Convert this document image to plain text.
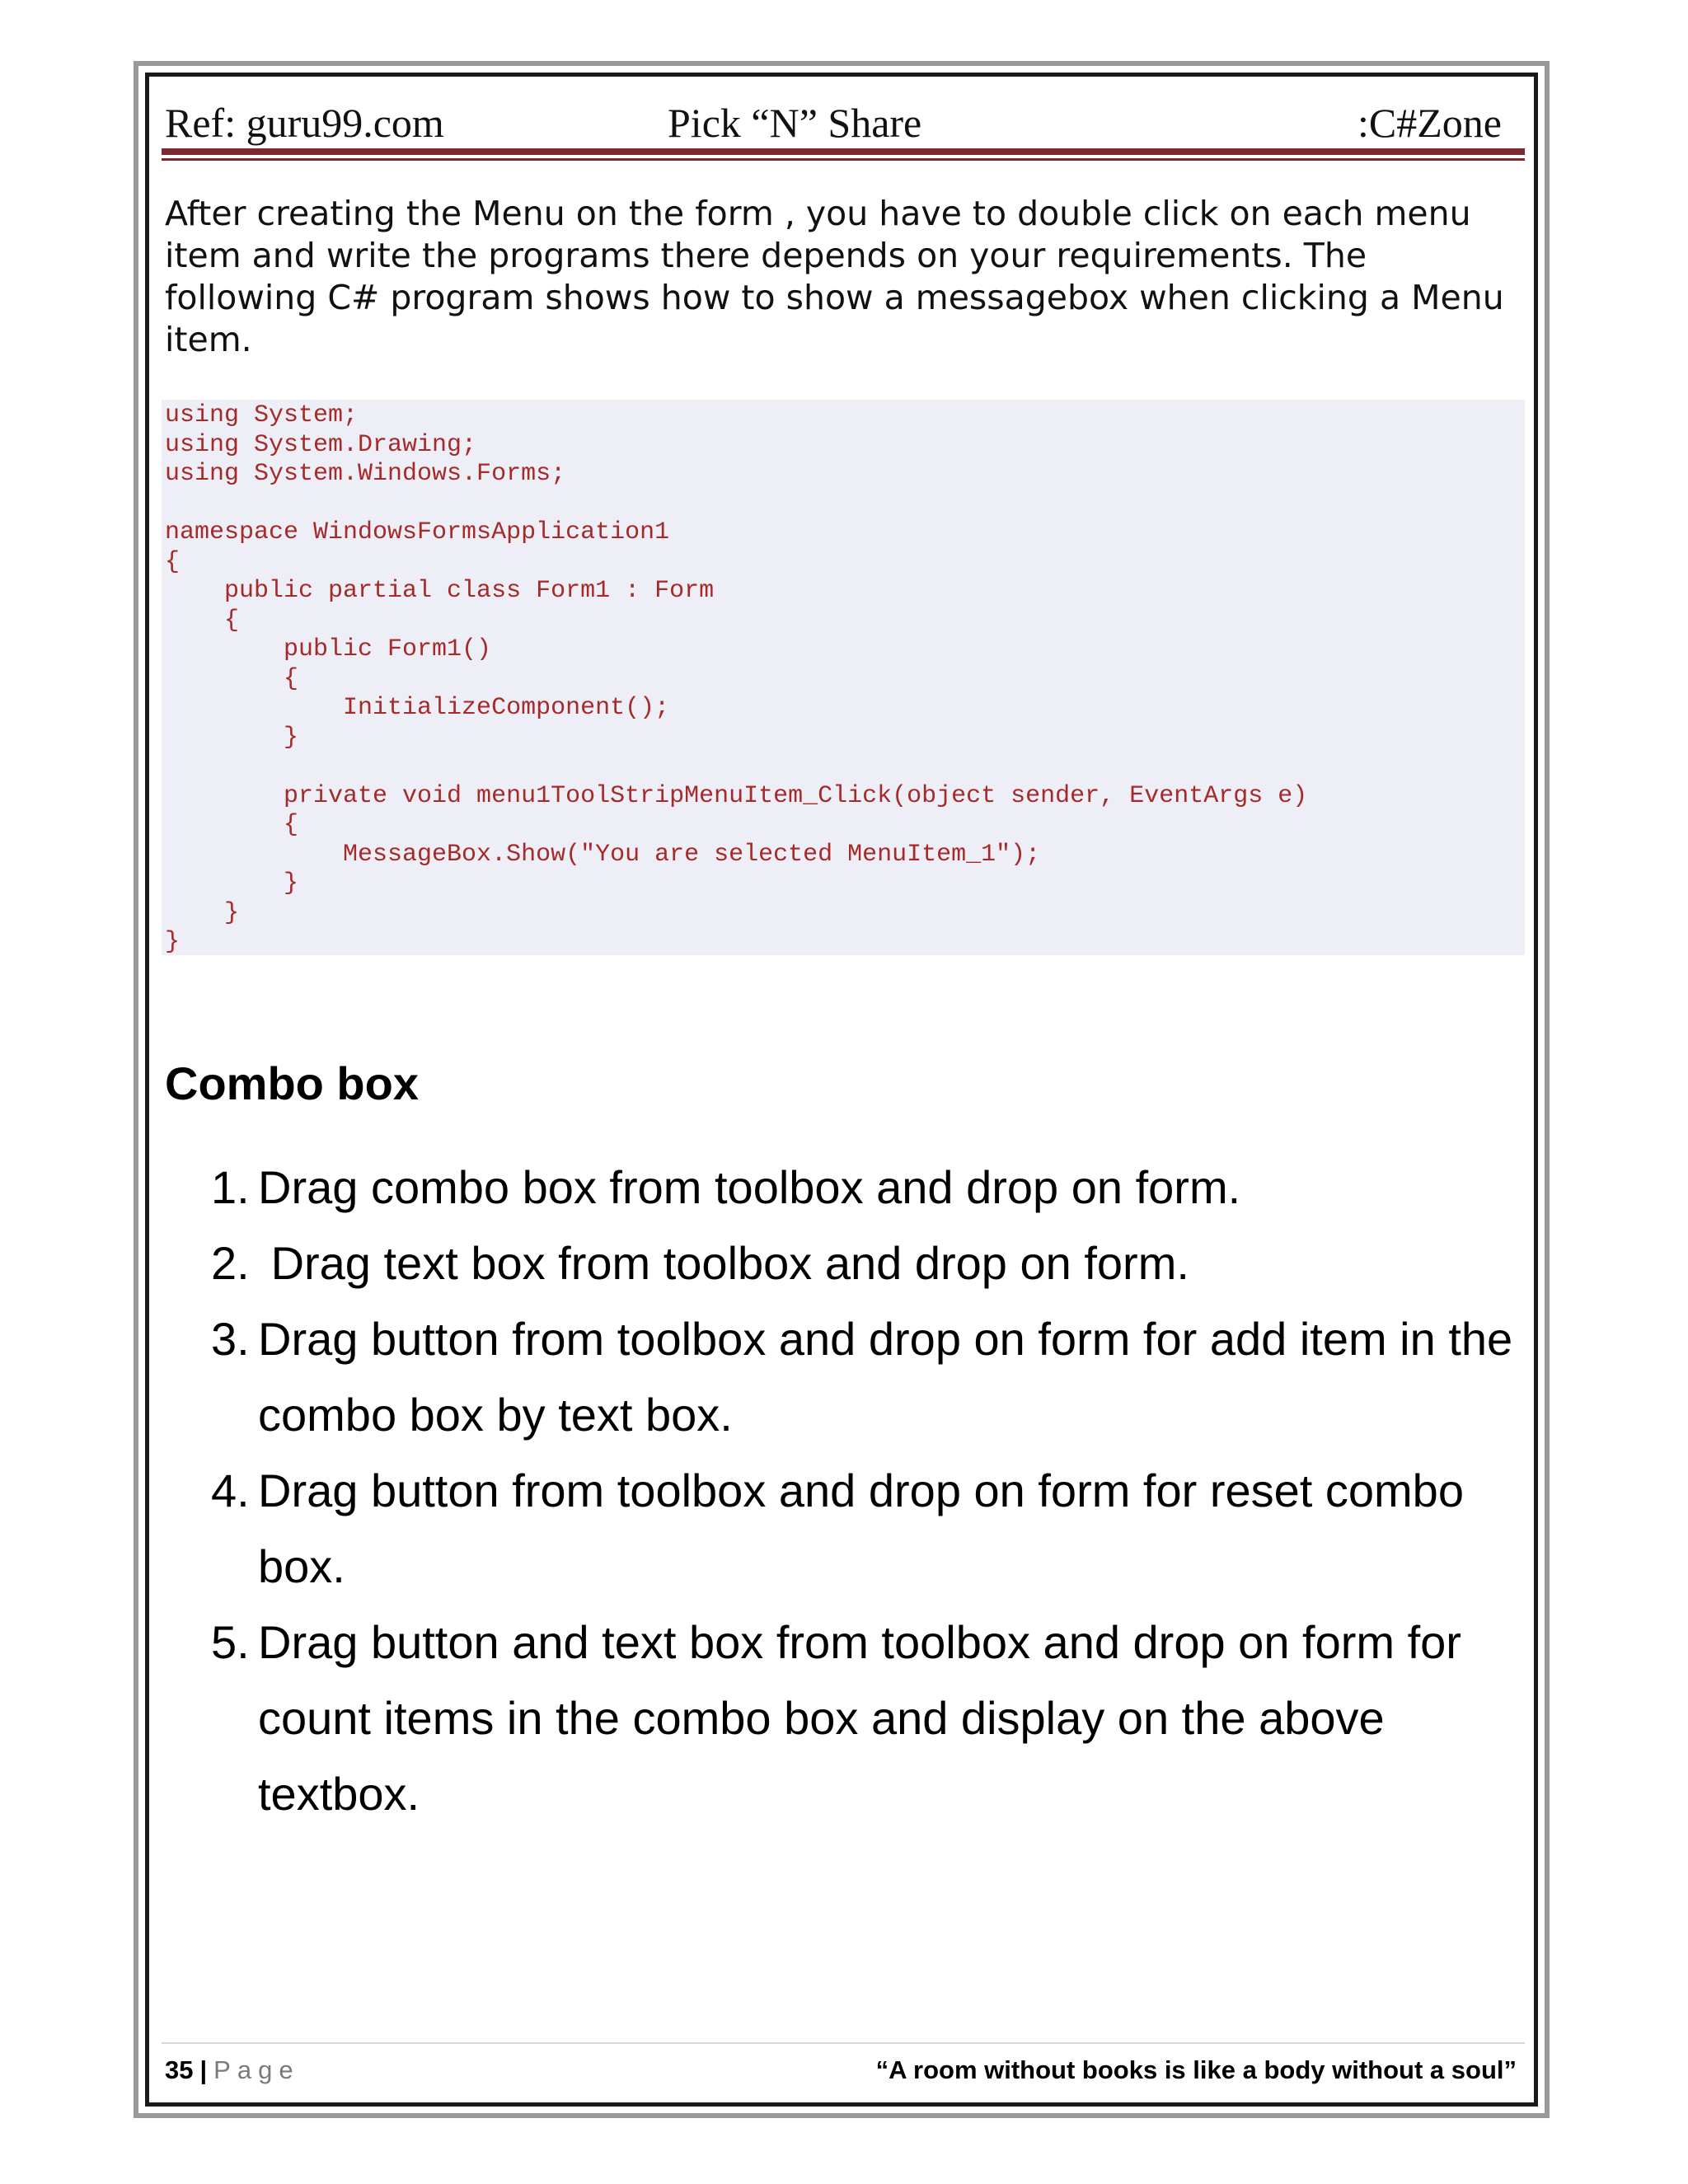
Ref: guru99.com	Pick “N” Share	:C#Zone

After creating the Menu on the form , you have to double click on each menu item and write the programs there depends on your requirements. The following C# program shows how to show a messagebox when clicking a Menu item.

using System;
using System.Drawing;
using System.Windows.Forms;
namespace WindowsFormsApplication1
{
public partial class Form1 : Form
{
public Form1()
{
InitializeComponent();
}
private void menu1ToolStripMenuItem_Click(object sender, EventArgs e)
{
MessageBox.Show("You are selected MenuItem_1");
}
}
}
Combo box
1. Drag combo box from toolbox and drop on form.
2. Drag text box from toolbox and drop on form.
3. Drag button from toolbox and drop on form for add item in the combo box by text box.
4. Drag button from toolbox and drop on form for reset combo box.
5. Drag button and text box from toolbox and drop on form for count items in the combo box and display on the above textbox.
35 | Page	“A room without books is like a body without a soul”
